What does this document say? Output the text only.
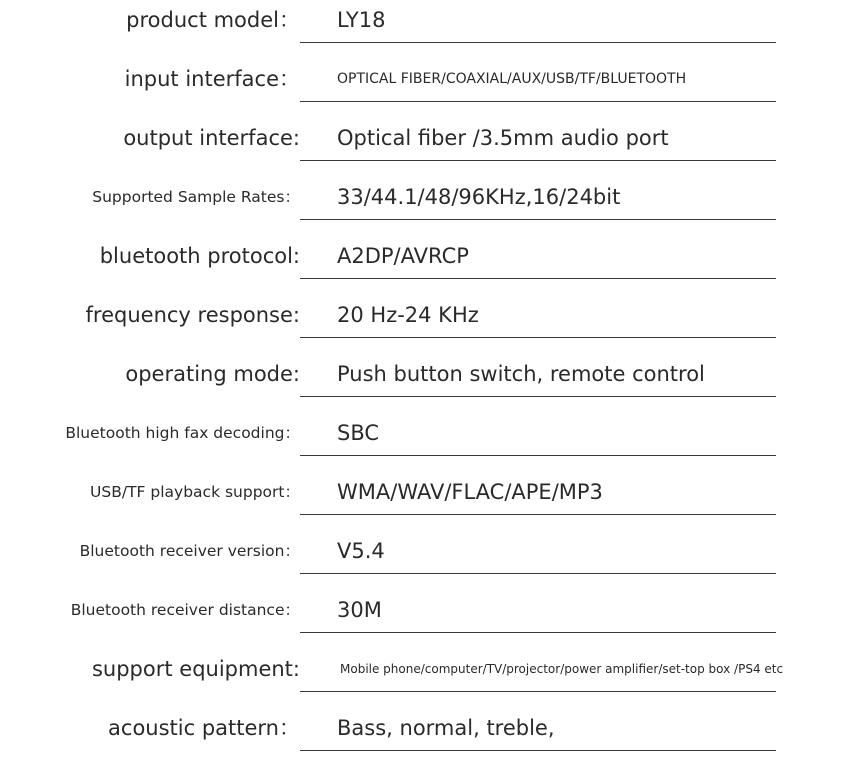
product model： LY18
input interface：	OPTICAL FIBER/COAXIAL/AUX/USB/TF/BLUETOOTH
output interface: Optical fiber /3.5mm audio port
Supported Sample Rates： 33/44.1/48/96KHz,16/24bit
bluetooth protocol: A2DP/AVRCP
frequency response: 20 Hz-24 KHz
operating mode: Push button switch, remote control
Bluetooth high fax decoding： SBC
USB/TF playback support： WMA/WAV/FLAC/APE/MP3
Bluetooth receiver version： V5.4
Bluetooth receiver distance： 30M
support equipment:	Mobile phone/computer/TV/projector/power amplifier/set-top box /PS4 etc
acoustic pattern： Bass, normal, treble,
